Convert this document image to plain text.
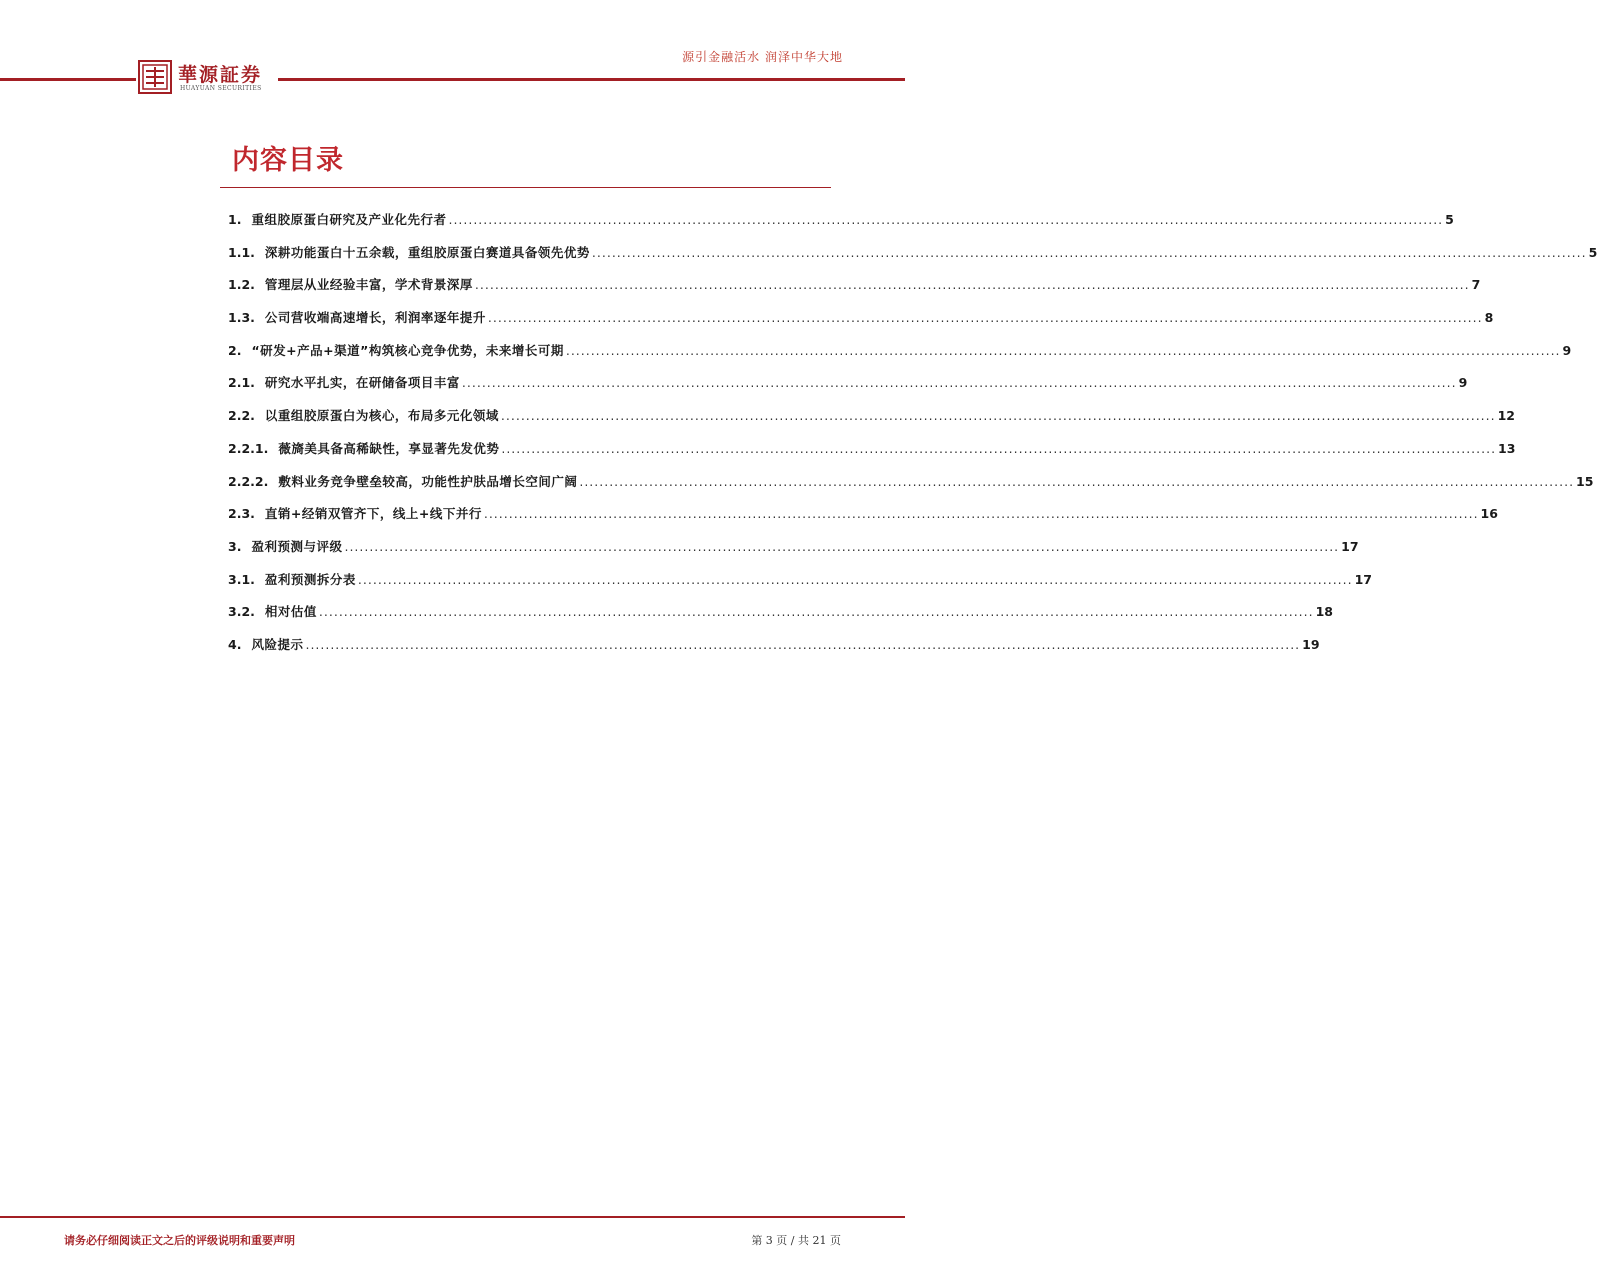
華源証券
HUAYUAN SECURITIES
源引金融活水 润泽中华大地
内容目录
1. 重组胶原蛋白研究及产业化先行者 ........................................................................................................................................................................................................ 5
1.1. 深耕功能蛋白十五余载，重组胶原蛋白赛道具备领先优势 ........................................................................................................................................................................................................ 5
1.2. 管理层从业经验丰富，学术背景深厚 ........................................................................................................................................................................................................ 7
1.3. 公司营收端高速增长，利润率逐年提升 ........................................................................................................................................................................................................ 8
2. “研发+产品+渠道”构筑核心竞争优势，未来增长可期 ........................................................................................................................................................................................................ 9
2.1. 研究水平扎实，在研储备项目丰富 ........................................................................................................................................................................................................ 9
2.2. 以重组胶原蛋白为核心，布局多元化领域 ........................................................................................................................................................................................................ 12
2.2.1. 薇旖美具备高稀缺性，享显著先发优势 ........................................................................................................................................................................................................ 13
2.2.2. 敷料业务竞争壁垒较高，功能性护肤品增长空间广阔 ........................................................................................................................................................................................................ 15
2.3. 直销+经销双管齐下，线上+线下并行 ........................................................................................................................................................................................................ 16
3. 盈利预测与评级 ........................................................................................................................................................................................................ 17
3.1. 盈利预测拆分表 ........................................................................................................................................................................................................ 17
3.2. 相对估值 ........................................................................................................................................................................................................ 18
4. 风险提示 ........................................................................................................................................................................................................ 19
请务必仔细阅读正文之后的评级说明和重要声明	第 3 页 / 共 21 页
